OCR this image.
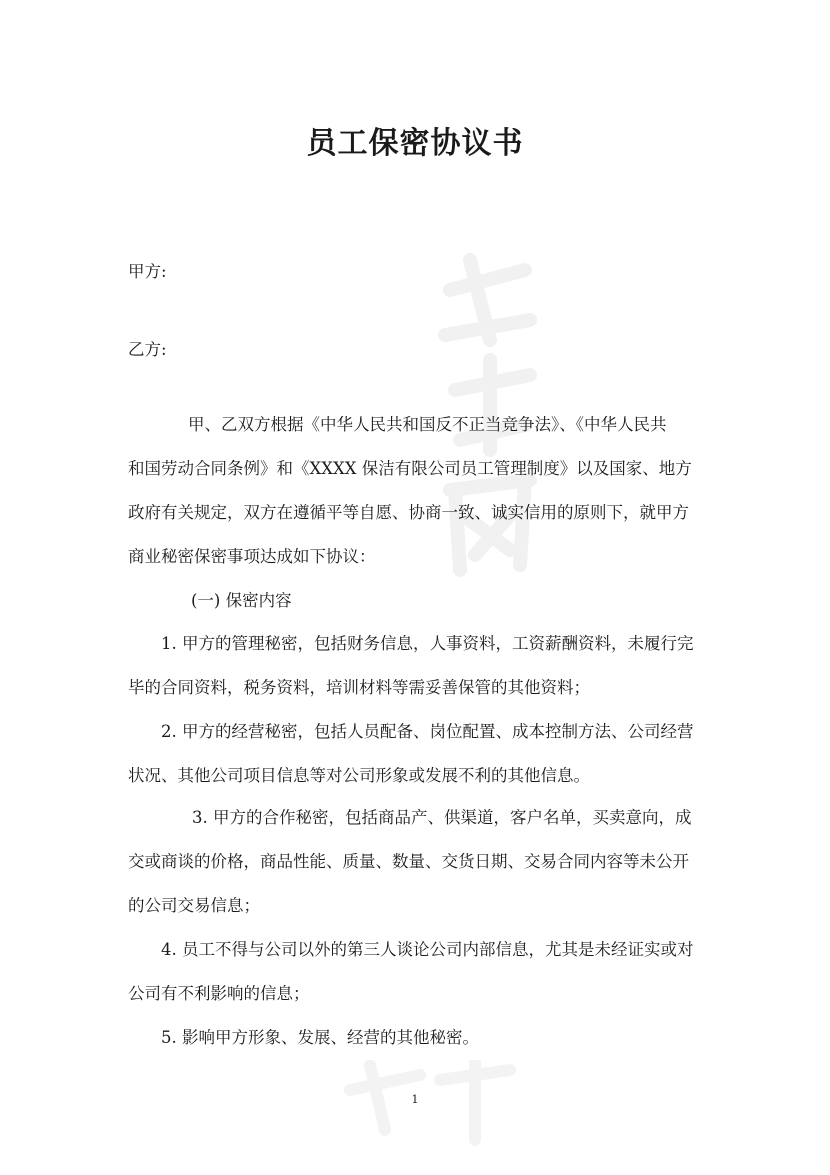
员工保密协议书
甲方:
乙方:
甲、乙双方根据《中华人民共和国反不正当竞争法》、《中华人民共
和国劳动合同条例》和《XXXX 保洁有限公司员工管理制度》以及国家、地方
政府有关规定，双方在遵循平等自愿、协商一致、诚实信用的原则下，就甲方
商业秘密保密事项达成如下协议：
(一) 保密内容
1. 甲方的管理秘密，包括财务信息，人事资料，工资薪酬资料，未履行完
毕的合同资料，税务资料，培训材料等需妥善保管的其他资料；
2. 甲方的经营秘密，包括人员配备、岗位配置、成本控制方法、公司经营
状况、其他公司项目信息等对公司形象或发展不利的其他信息。
3. 甲方的合作秘密，包括商品产、供渠道，客户名单，买卖意向，成
交或商谈的价格，商品性能、质量、数量、交货日期、交易合同内容等未公开
的公司交易信息；
4. 员工不得与公司以外的第三人谈论公司内部信息，尤其是未经证实或对
公司有不利影响的信息；
5. 影响甲方形象、发展、经营的其他秘密。
1
